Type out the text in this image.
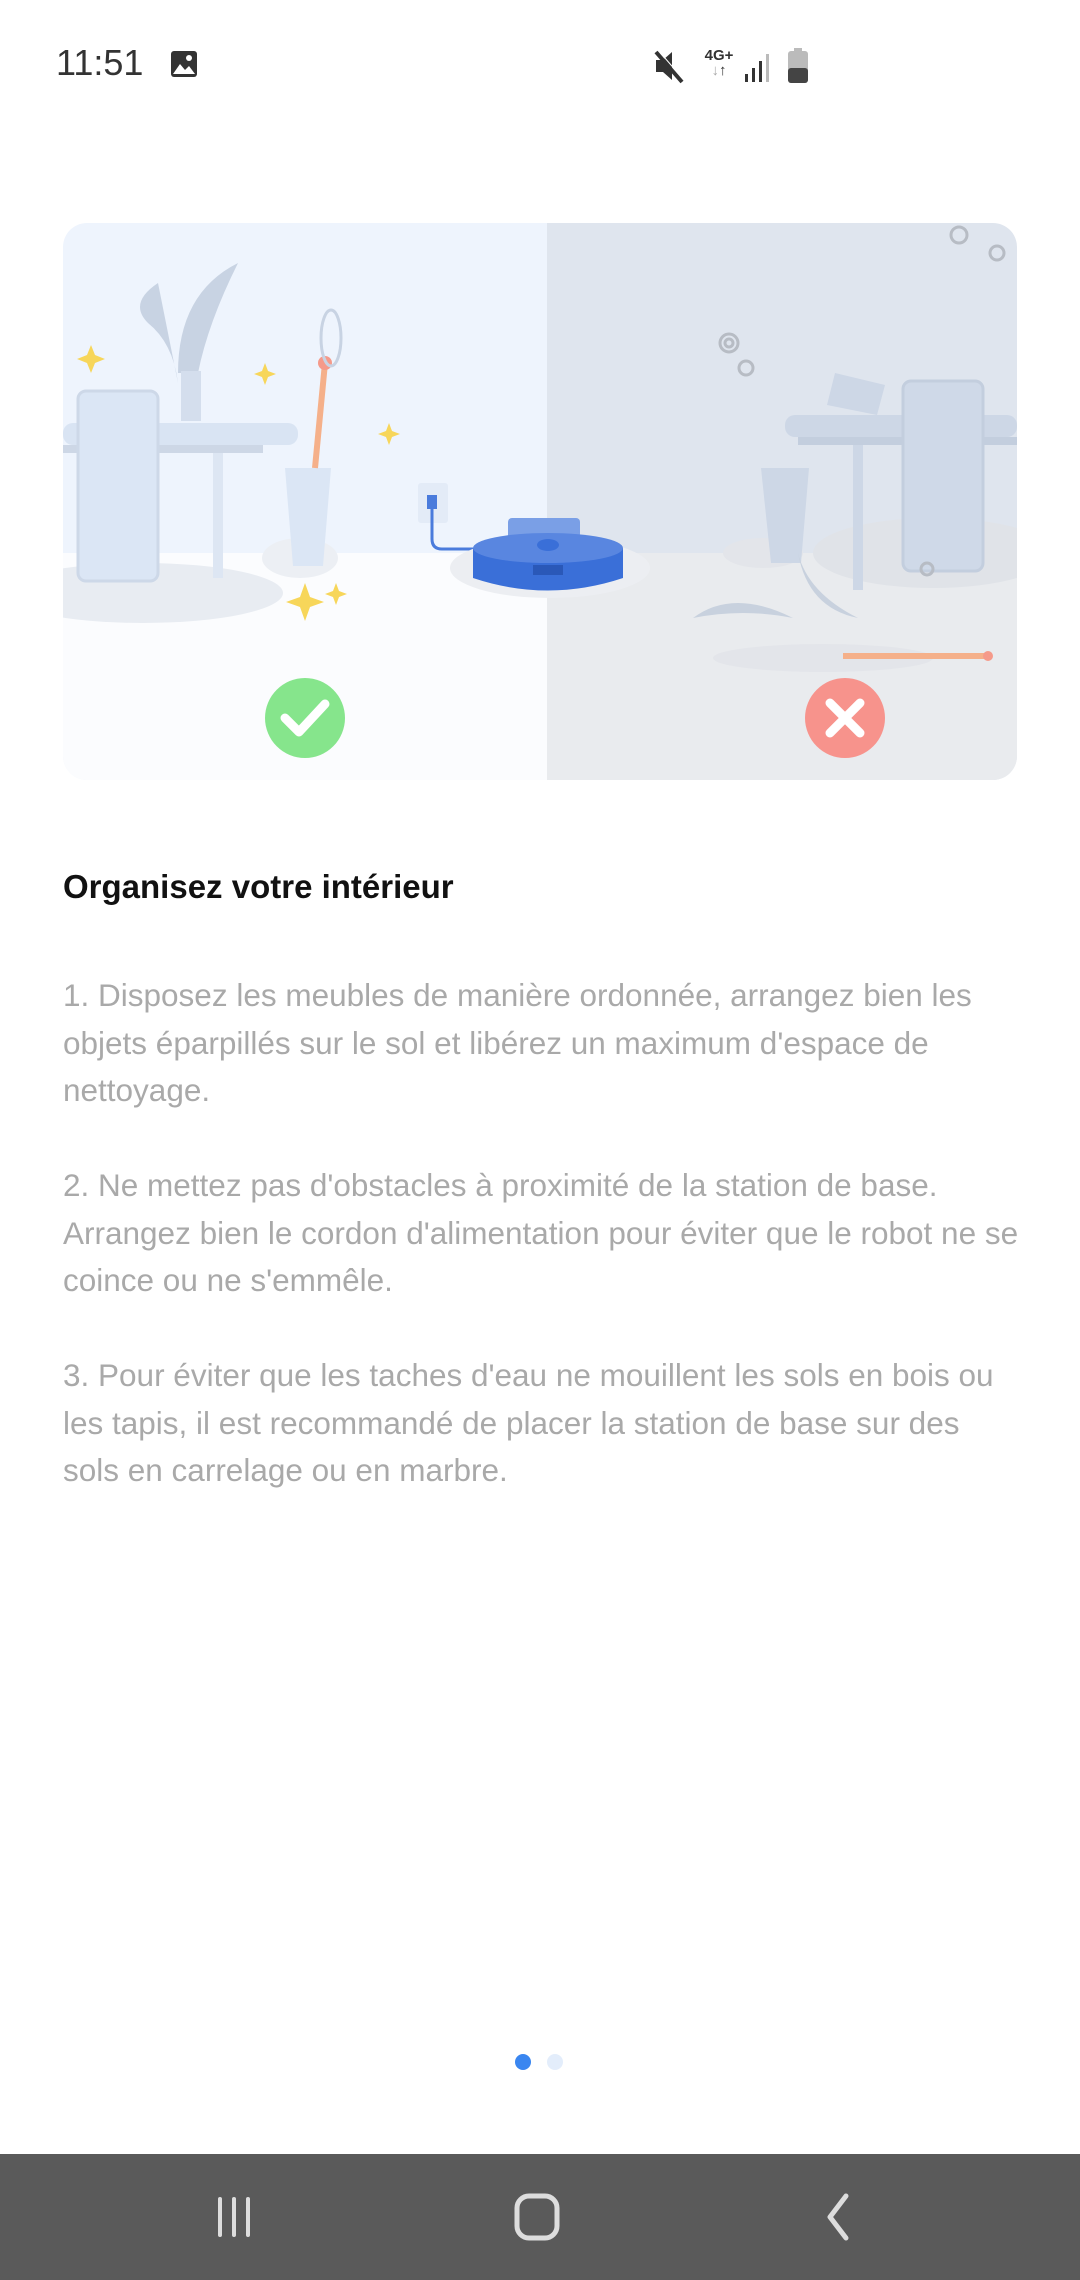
11:51	4G+
↓↑
Organisez votre intérieur

1. Disposez les meubles de manière ordonnée, arrangez bien les objets éparpillés sur le sol et libérez un maximum d'espace de nettoyage.

2. Ne mettez pas d'obstacles à proximité de la station de base. Arrangez bien le cordon d'alimentation pour éviter que le robot ne se coince ou ne s'emmêle.

3. Pour éviter que les taches d'eau ne mouillent les sols en bois ou les tapis, il est recommandé de placer la station de base sur des sols en carrelage ou en marbre.
